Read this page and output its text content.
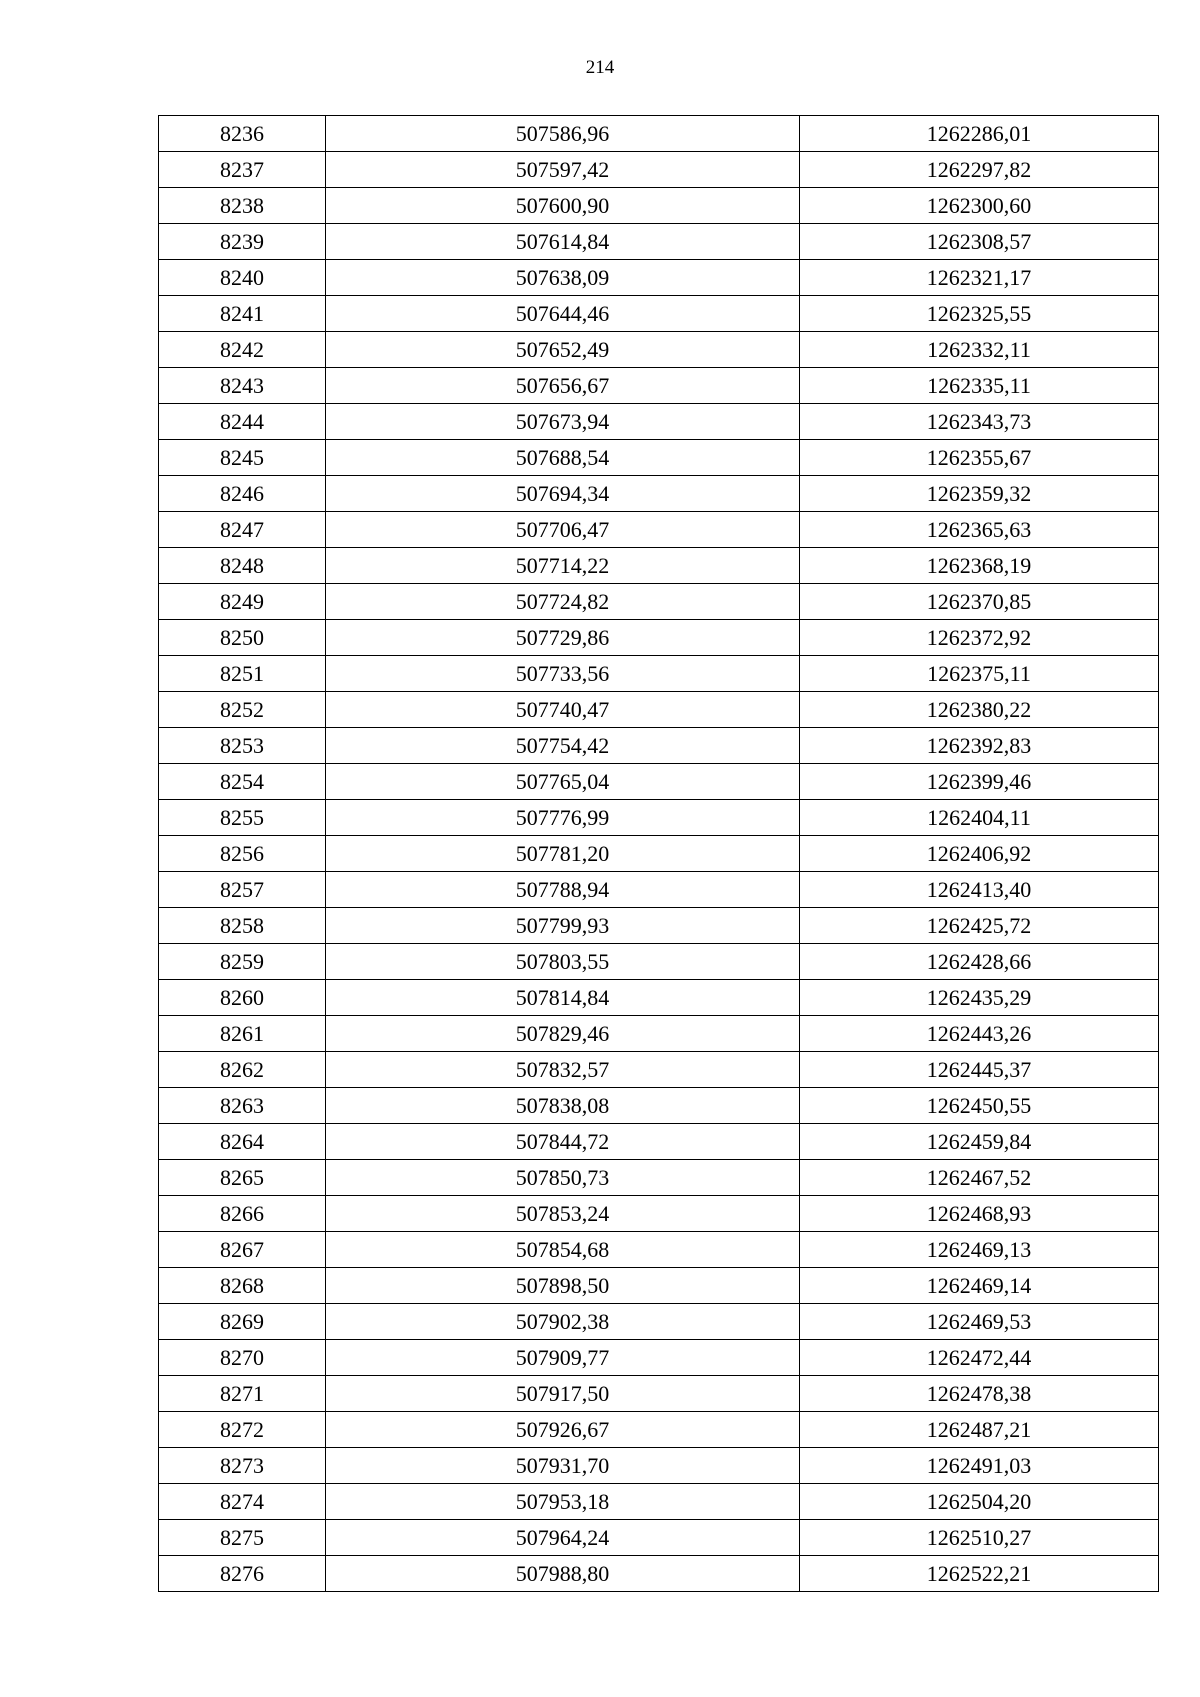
214
8236	507586,96	1262286,01
8237	507597,42	1262297,82
8238	507600,90	1262300,60
8239	507614,84	1262308,57
8240	507638,09	1262321,17
8241	507644,46	1262325,55
8242	507652,49	1262332,11
8243	507656,67	1262335,11
8244	507673,94	1262343,73
8245	507688,54	1262355,67
8246	507694,34	1262359,32
8247	507706,47	1262365,63
8248	507714,22	1262368,19
8249	507724,82	1262370,85
8250	507729,86	1262372,92
8251	507733,56	1262375,11
8252	507740,47	1262380,22
8253	507754,42	1262392,83
8254	507765,04	1262399,46
8255	507776,99	1262404,11
8256	507781,20	1262406,92
8257	507788,94	1262413,40
8258	507799,93	1262425,72
8259	507803,55	1262428,66
8260	507814,84	1262435,29
8261	507829,46	1262443,26
8262	507832,57	1262445,37
8263	507838,08	1262450,55
8264	507844,72	1262459,84
8265	507850,73	1262467,52
8266	507853,24	1262468,93
8267	507854,68	1262469,13
8268	507898,50	1262469,14
8269	507902,38	1262469,53
8270	507909,77	1262472,44
8271	507917,50	1262478,38
8272	507926,67	1262487,21
8273	507931,70	1262491,03
8274	507953,18	1262504,20
8275	507964,24	1262510,27
8276	507988,80	1262522,21
